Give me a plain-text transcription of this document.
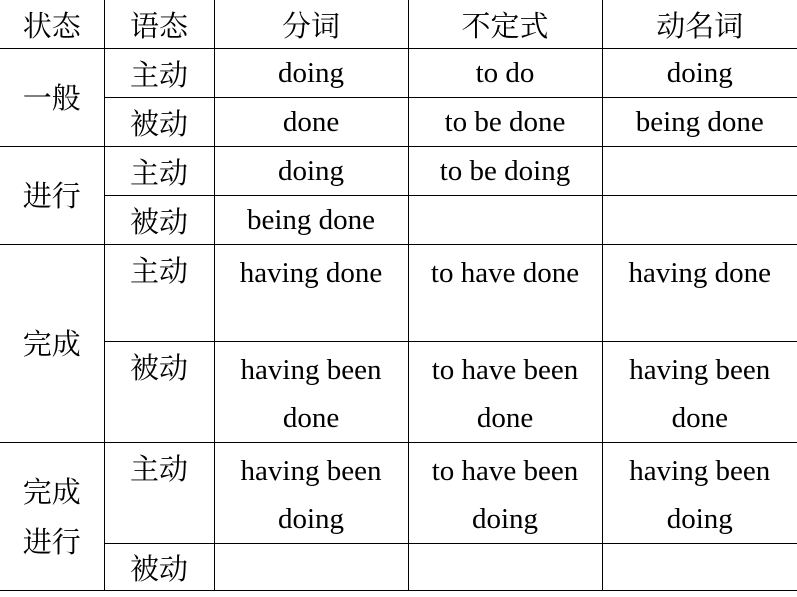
状态	语态	分词	不定式	动名词
一般	主动	doing	to do	doing
	被动	done	to be done	being done
进行	主动	doing	to be doing	
	被动	being done		
完成	主动	having done	to have done	having done
	被动	having been done	to have been done	having been done
完成进行	主动	having been doing	to have been doing	having been doing
	被动			
